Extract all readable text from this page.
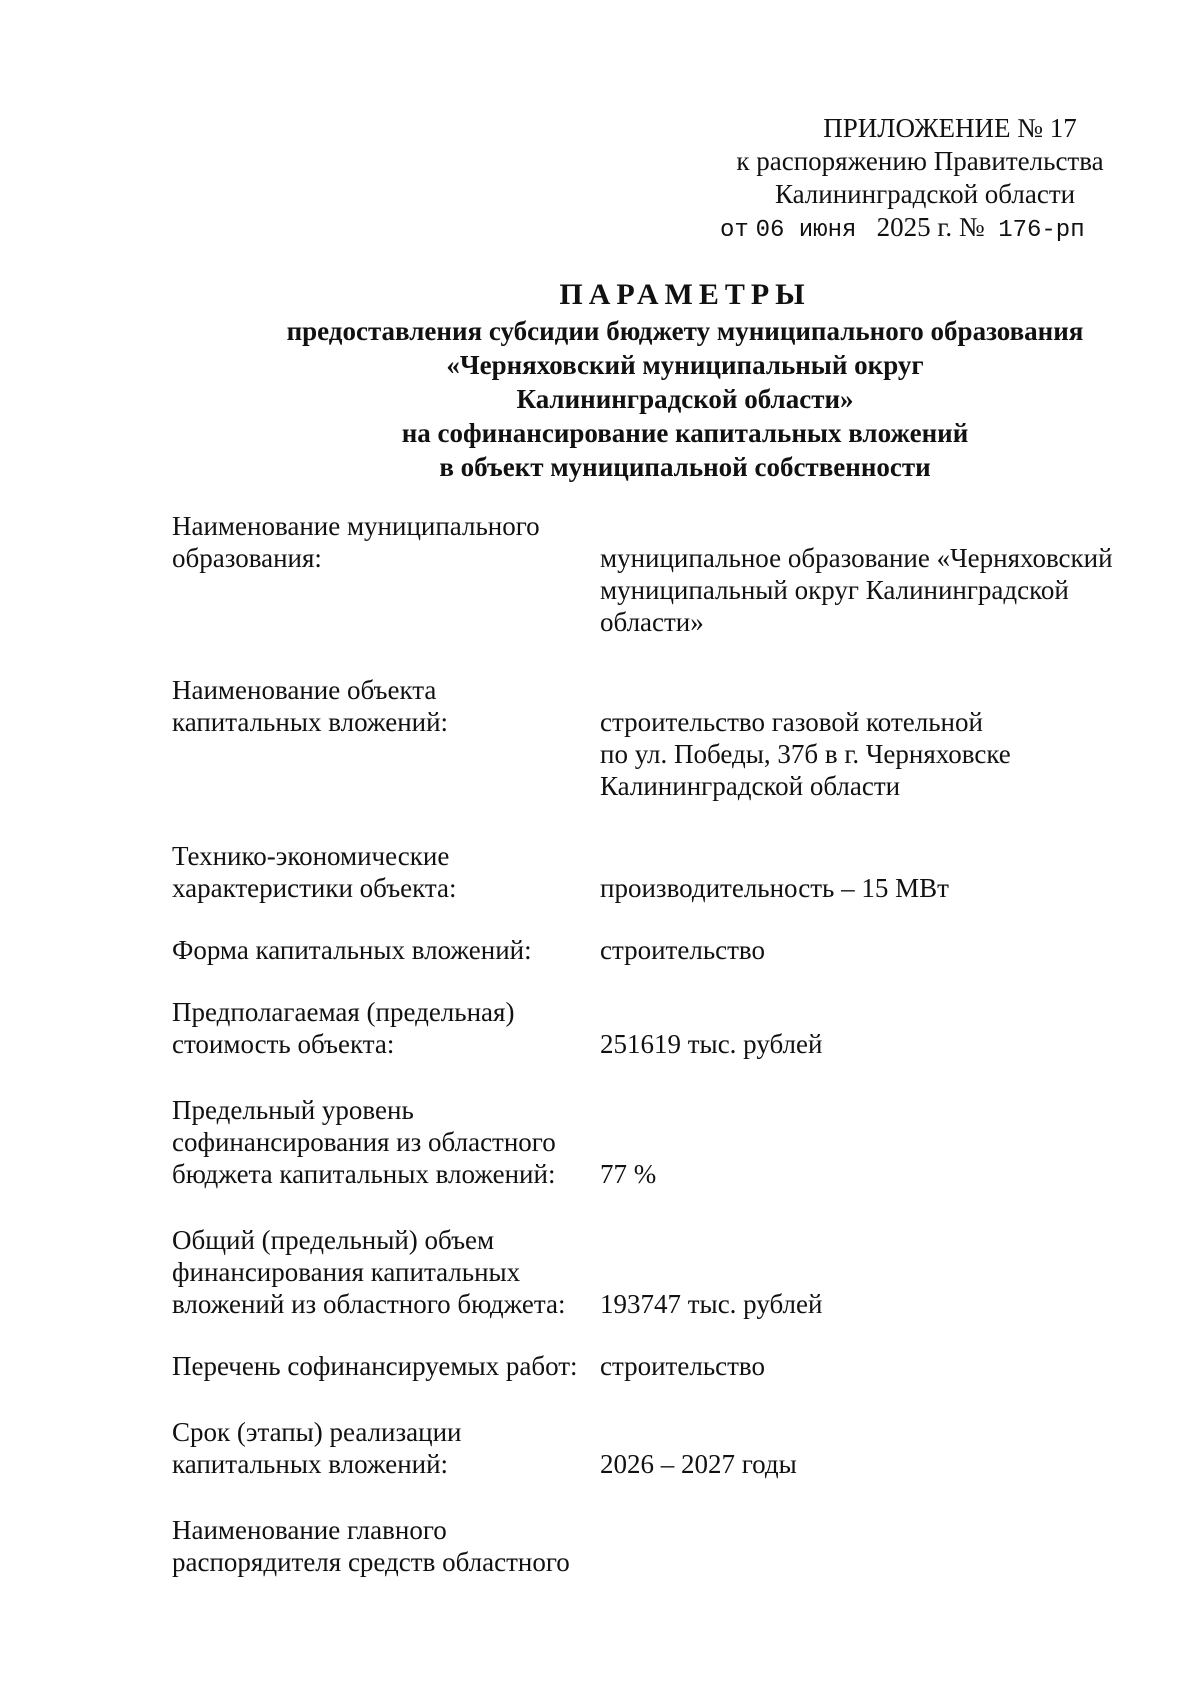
ПРИЛОЖЕНИЕ № 17
к распоряжению Правительства
Калининградской области
от 06 июня 2025 г. № 176-рп
ПАРАМЕТРЫ
предоставления субсидии бюджету муниципального образования
«Черняховский муниципальный округ
Калининградской области»
на софинансирование капитальных вложений
в объект муниципальной собственности
Наименование муниципального
образования:	муниципальное образование «Черняховский
муниципальный округ Калининградской
области»
Наименование объекта
капитальных вложений:	строительство газовой котельной
по ул. Победы, 37б в г. Черняховске
Калининградской области
Технико-экономические
характеристики объекта:	производительность – 15 МВт
Форма капитальных вложений:	строительство
Предполагаемая (предельная)
стоимость объекта:	251619 тыс. рублей
Предельный уровень
софинансирования из областного
бюджета капитальных вложений:	77 %
Общий (предельный) объем
финансирования капитальных
вложений из областного бюджета:	193747 тыс. рублей
Перечень софинансируемых работ: строительство
Срок (этапы) реализации
капитальных вложений:	2026 – 2027 годы
Наименование главного
распорядителя средств областного
